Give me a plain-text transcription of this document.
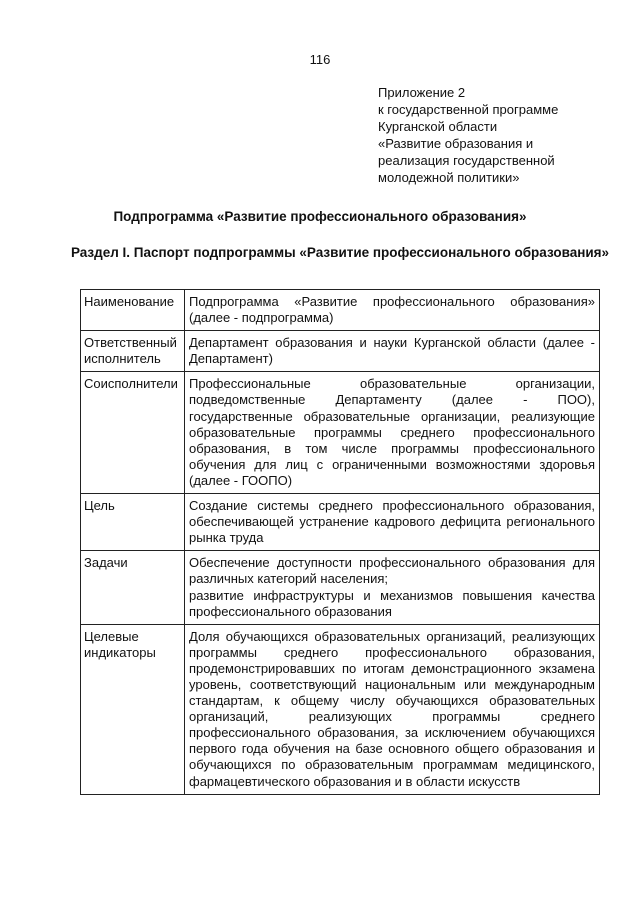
116
Приложение 2
к государственной программе
Курганской области
«Развитие образования и
реализация государственной
молодежной политики»
Подпрограмма «Развитие профессионального образования»
Раздел I. Паспорт подпрограммы «Развитие профессионального образования»
Наименование	Подпрограмма «Развитие профессионального образования» (далее - подпрограмма)

Ответственный исполнитель	Департамент образования и науки Курганской области (далее - Департамент)

Соисполнители	Профессиональные образовательные организации, подведомственные Департаменту (далее - ПОО), государственные образовательные организации, реализующие образовательные программы среднего профессионального образования, в том числе программы профессионального обучения для лиц с ограниченными возможностями здоровья (далее - ГООПО)

Цель	Создание системы среднего профессионального образования, обеспечивающей устранение кадрового дефицита регионального рынка труда

Задачи	Обеспечение доступности профессионального образования для различных категорий населения;
развитие инфраструктуры и механизмов повышения качества профессионального образования

Целевые индикаторы	Доля обучающихся образовательных организаций, реализующих программы среднего профессионального образования, продемонстрировавших по итогам демонстрационного экзамена уровень, соответствующий национальным или международным стандартам, к общему числу обучающихся образовательных организаций, реализующих программы среднего профессионального образования, за исключением обучающихся первого года обучения на базе основного общего образования и обучающихся по образовательным программам медицинского, фармацевтического образования и в области искусств
